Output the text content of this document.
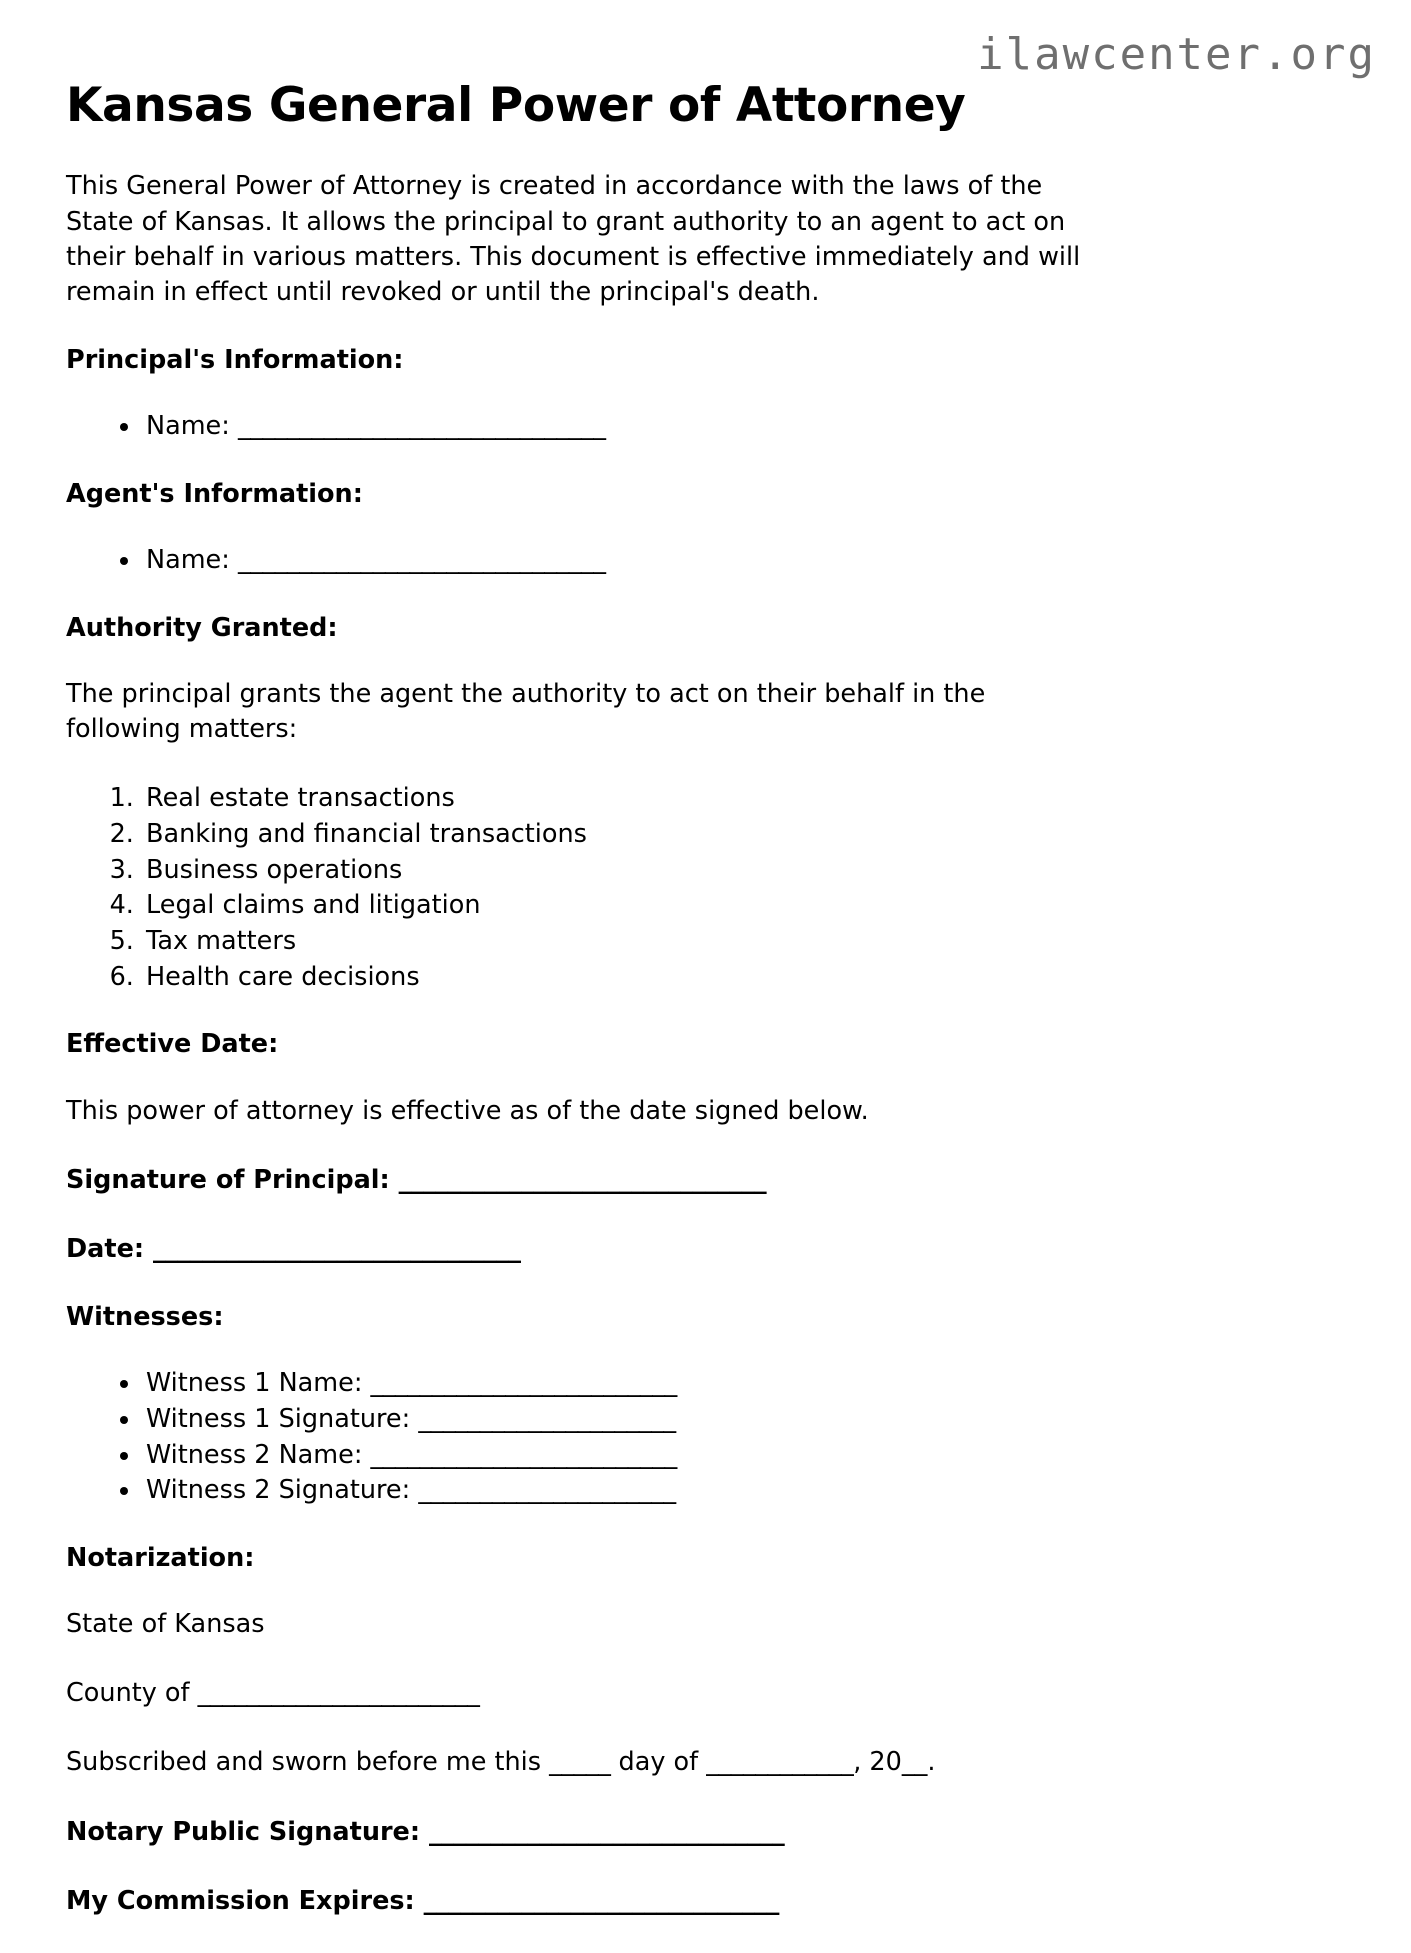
ilawcenter.org
Kansas General Power of Attorney

This General Power of Attorney is created in accordance with the laws of the State of Kansas. It allows the principal to grant authority to an agent to act on their behalf in various matters. This document is effective immediately and will remain in effect until revoked or until the principal's death.

Principal's Information:
• Name: ______________________________
Agent's Information:
• Name: ______________________________
Authority Granted:

The principal grants the agent the authority to act on their behalf in the following matters:

1. Real estate transactions
2. Banking and financial transactions
3. Business operations
4. Legal claims and litigation
5. Tax matters
6. Health care decisions
Effective Date:

This power of attorney is effective as of the date signed below.

Signature of Principal: ______________________________
Date: ______________________________
Witnesses:
• Witness 1 Name: _________________________
• Witness 1 Signature: _____________________
• Witness 2 Name: _________________________
• Witness 2 Signature: _____________________
Notarization:

State of Kansas

County of _______________________
Subscribed and sworn before me this _____ day of ____________, 20__.
Notary Public Signature: _____________________________
My Commission Expires: _____________________________
